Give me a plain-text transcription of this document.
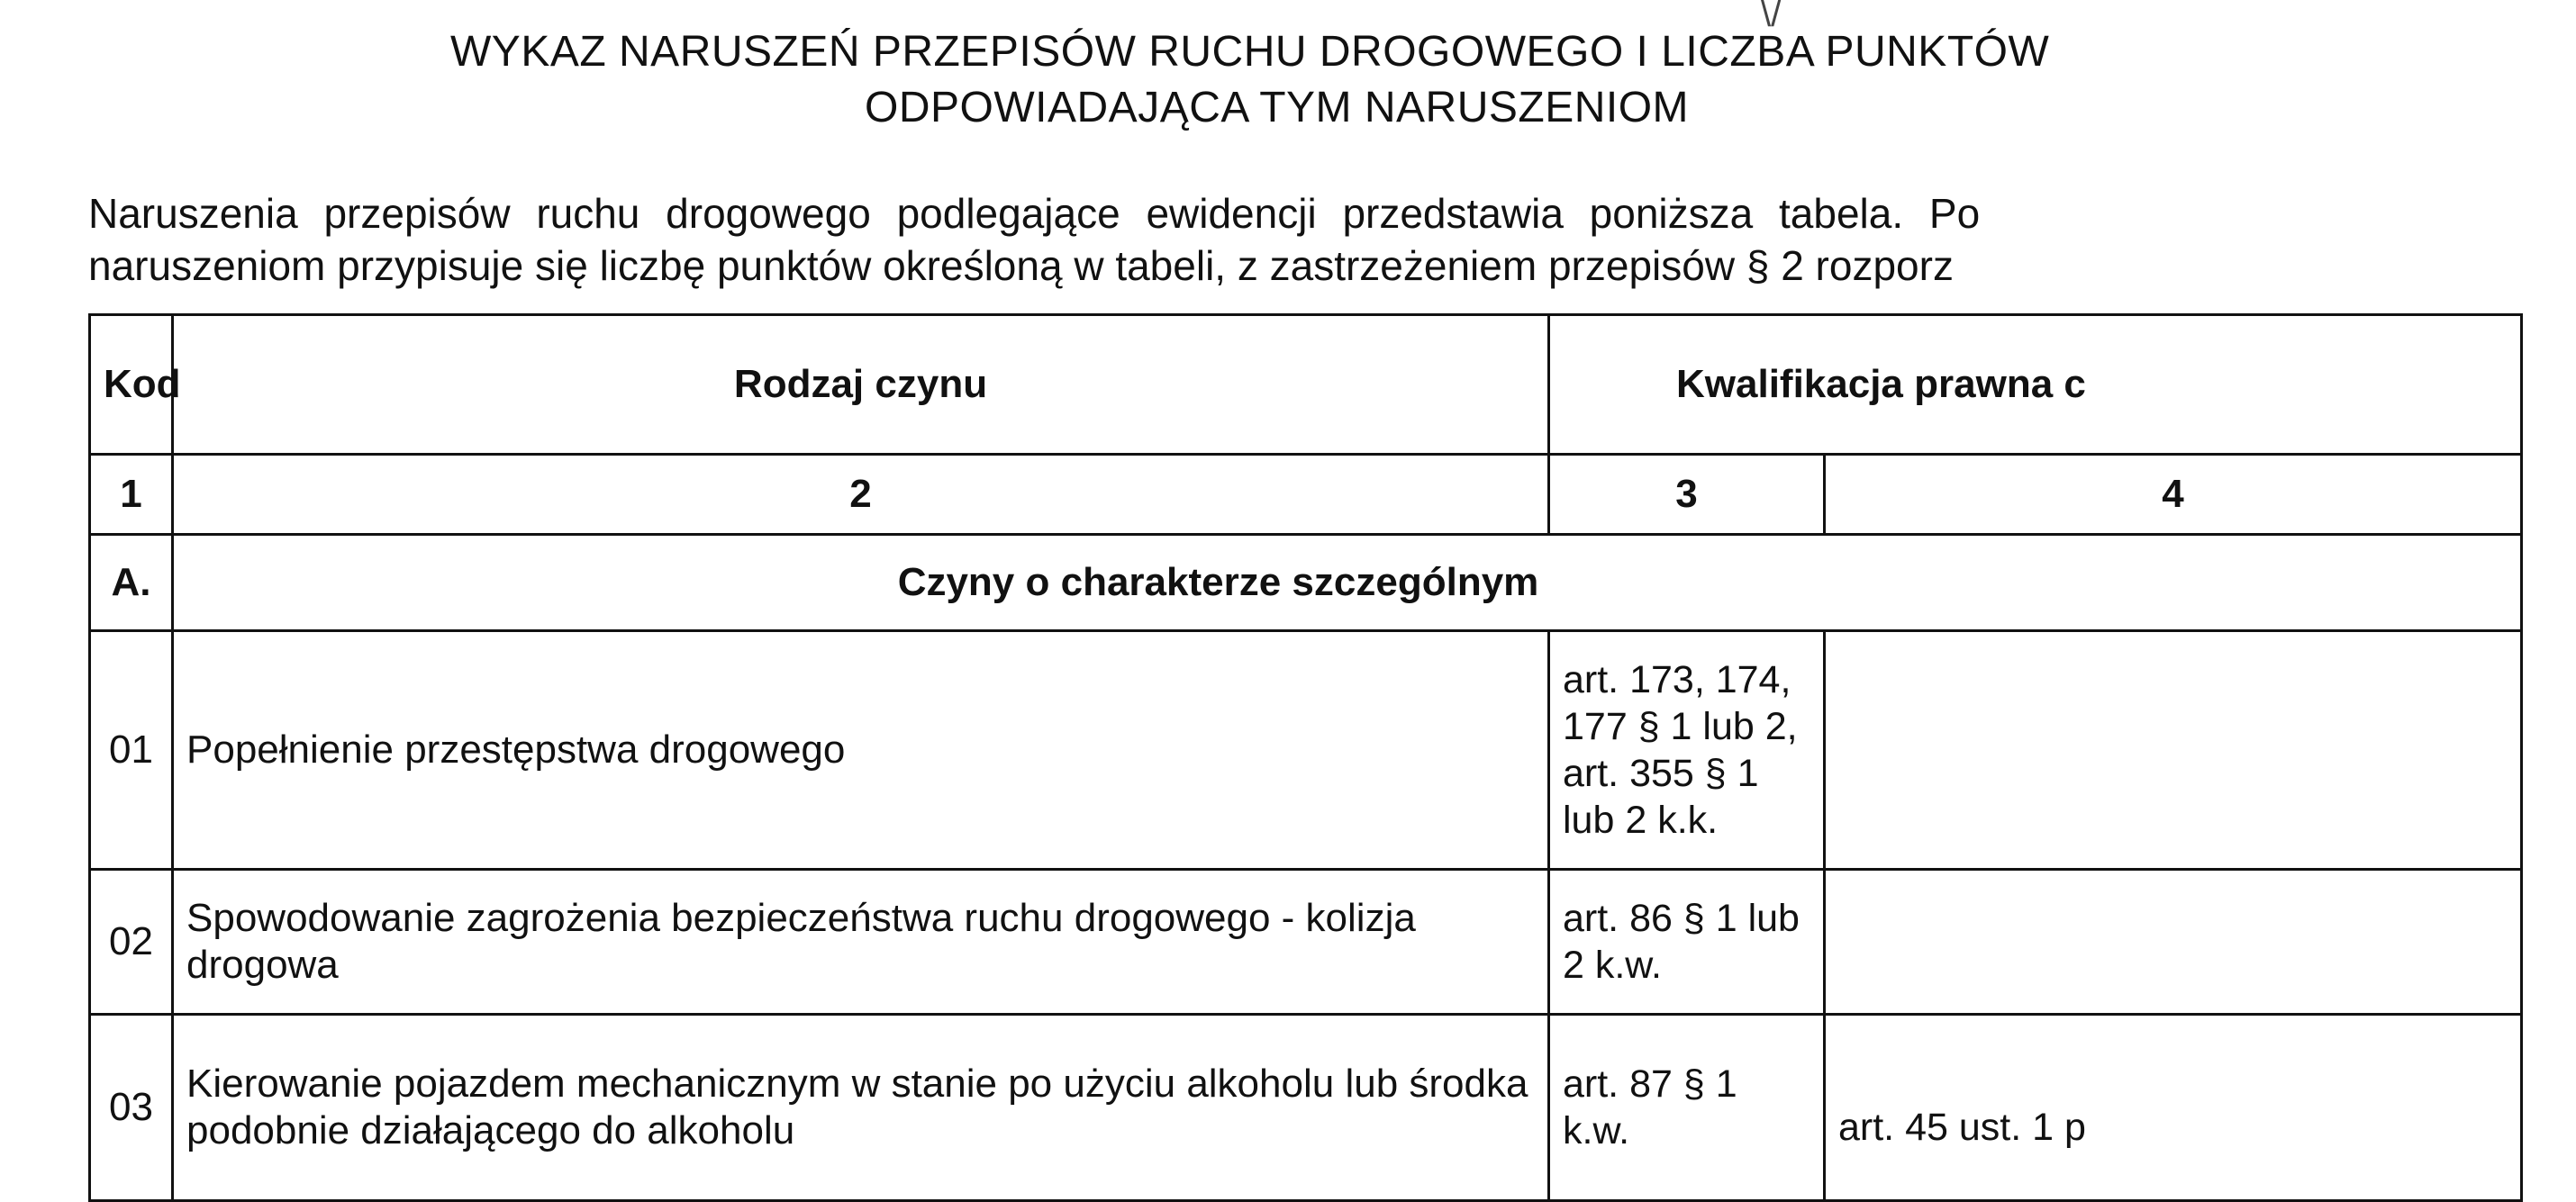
\/
WYKAZ NARUSZEŃ PRZEPISÓW RUCHU DROGOWEGO I LICZBA PUNKTÓW
ODPOWIADAJĄCA TYM NARUSZENIOM
Naruszenia przepisów ruchu drogowego podlegające ewidencji przedstawia poniższa tabela. Po
naruszeniom przypisuje się liczbę punktów określoną w tabeli, z zastrzeżeniem przepisów § 2 rozporz
Kod	Rodzaj czynu	Kwalifikacja prawna c	
1	2	3	4
A.	Czyny o charakterze szczególnym		
01	Popełnienie przestępstwa drogowego	art. 173, 174,
177 § 1 lub 2,
art. 355 § 1
lub 2 k.k.	

02	Spowodowanie zagrożenia bezpieczeństwa ruchu drogowego - kolizja drogowa	art. 86 § 1 lub
2 k.w.	

03	Kierowanie pojazdem mechanicznym w stanie po użyciu alkoholu lub środka podobnie działającego do alkoholu	art. 87 § 1
k.w.	art. 45 ust. 1 p
